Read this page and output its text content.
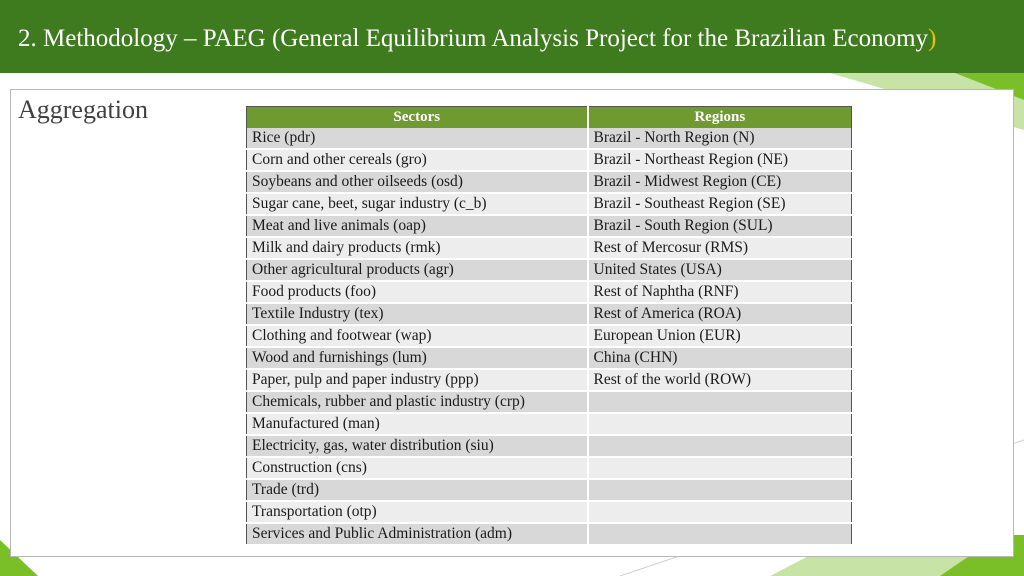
2. Methodology – PAEG (General Equilibrium Analysis Project for the Brazilian Economy)
Aggregation	Sectors	Regions
Rice (pdr)	Brazil - North Region (N)
Corn and other cereals (gro)	Brazil - Northeast Region (NE)
Soybeans and other oilseeds (osd)	Brazil - Midwest Region (CE)
Sugar cane, beet, sugar industry (c_b)	Brazil - Southeast Region (SE)
Meat and live animals (oap)	Brazil - South Region (SUL)
Milk and dairy products (rmk)	Rest of Mercosur (RMS)
Other agricultural products (agr)	United States (USA)
Food products (foo)	Rest of Naphtha (RNF)
Textile Industry (tex)	Rest of America (ROA)
Clothing and footwear (wap)	European Union (EUR)
Wood and furnishings (lum)	China (CHN)
Paper, pulp and paper industry (ppp)	Rest of the world (ROW)
Chemicals, rubber and plastic industry (crp)	
Manufactured (man)	
Electricity, gas, water distribution (siu)	
Construction (cns)	
Trade (trd)	
Transportation (otp)	
Services and Public Administration (adm)	
